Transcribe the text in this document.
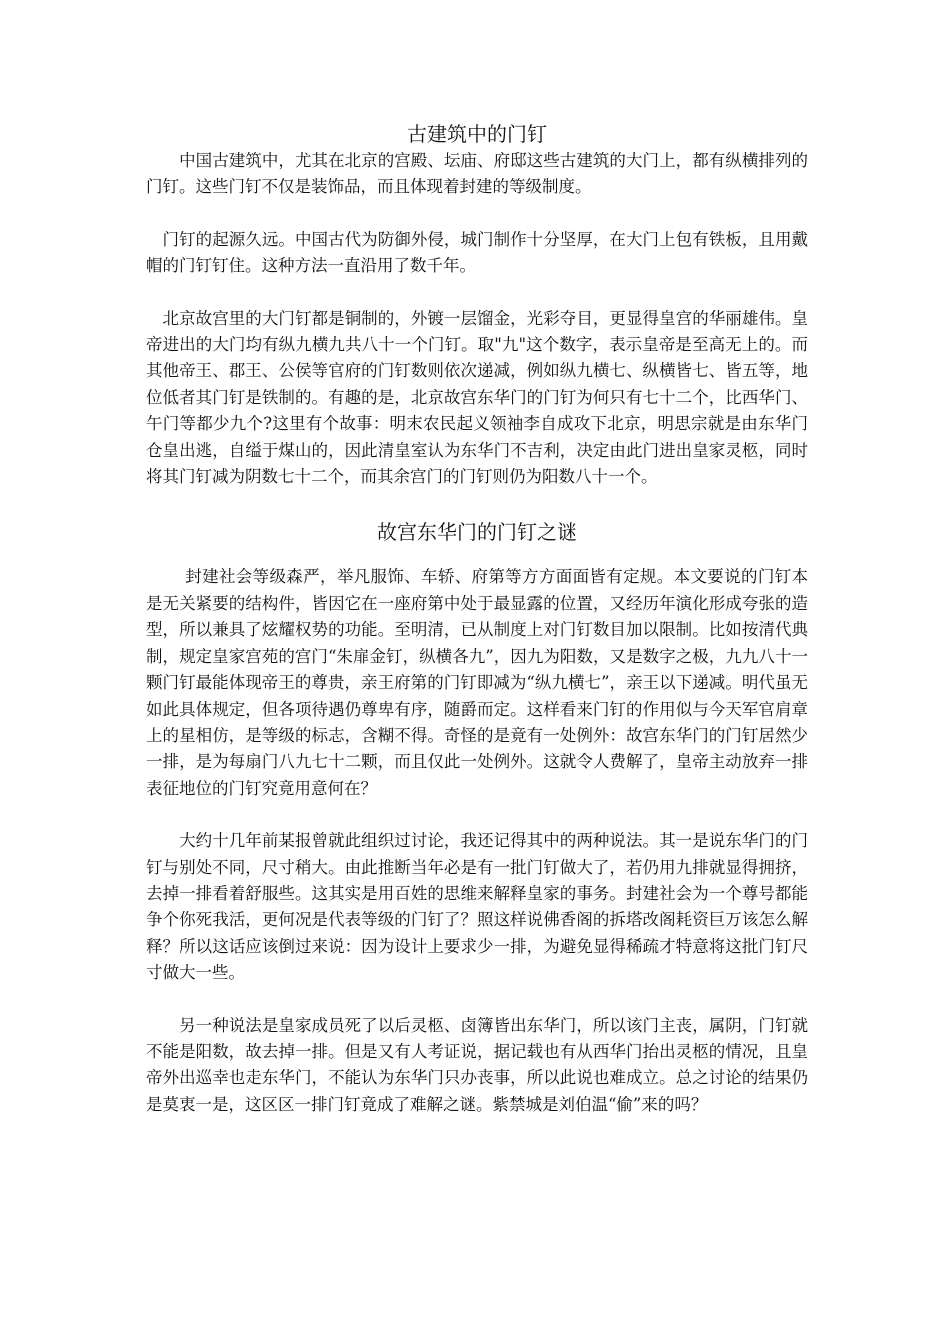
古建筑中的门钉

　　中国古建筑中，尤其在北京的宫殿、坛庙、府邸这些古建筑的大门上，都有纵横排列的门钉。这些门钉不仅是装饰品，而且体现着封建的等级制度。

　门钉的起源久远。中国古代为防御外侵，城门制作十分坚厚，在大门上包有铁板，且用戴帽的门钉钉住。这种方法一直沿用了数千年。

　北京故宫里的大门钉都是铜制的，外镀一层馏金，光彩夺目，更显得皇宫的华丽雄伟。皇帝进出的大门均有纵九横九共八十一个门钉。取"九"这个数字，表示皇帝是至高无上的。而其他帝王、郡王、公侯等官府的门钉数则依次递减，例如纵九横七、纵横皆七、皆五等，地位低者其门钉是铁制的。有趣的是，北京故宫东华门的门钉为何只有七十二个，比西华门、午门等都少九个?这里有个故事：明末农民起义领袖李自成攻下北京，明思宗就是由东华门仓皇出逃，自缢于煤山的，因此清皇室认为东华门不吉利，决定由此门进出皇家灵柩，同时将其门钉减为阴数七十二个，而其余宫门的门钉则仍为阳数八十一个。

故宫东华门的门钉之谜

　　 封建社会等级森严，举凡服饰、车轿、府第等方方面面皆有定规。本文要说的门钉本是无关紧要的结构件，皆因它在一座府第中处于最显露的位置，又经历年演化形成夸张的造型，所以兼具了炫耀权势的功能。至明清，已从制度上对门钉数目加以限制。比如按清代典制，规定皇家宫苑的宫门“朱扉金钉，纵横各九”，因九为阳数，又是数字之极，九九八十一颗门钉最能体现帝王的尊贵，亲王府第的门钉即减为“纵九横七”，亲王以下递减。明代虽无如此具体规定，但各项待遇仍尊卑有序，随爵而定。这样看来门钉的作用似与今天军官肩章上的星相仿，是等级的标志，含糊不得。奇怪的是竟有一处例外：故宫东华门的门钉居然少一排，是为每扇门八九七十二颗，而且仅此一处例外。这就令人费解了，皇帝主动放弃一排表征地位的门钉究竟用意何在？

　　大约十几年前某报曾就此组织过讨论，我还记得其中的两种说法。其一是说东华门的门钉与别处不同，尺寸稍大。由此推断当年必是有一批门钉做大了，若仍用九排就显得拥挤，去掉一排看着舒服些。这其实是用百姓的思维来解释皇家的事务。封建社会为一个尊号都能争个你死我活，更何况是代表等级的门钉了？照这样说佛香阁的拆塔改阁耗资巨万该怎么解释？所以这话应该倒过来说：因为设计上要求少一排，为避免显得稀疏才特意将这批门钉尺寸做大一些。

　　另一种说法是皇家成员死了以后灵柩、卤簿皆出东华门，所以该门主丧，属阴，门钉就不能是阳数，故去掉一排。但是又有人考证说，据记载也有从西华门抬出灵柩的情况，且皇帝外出巡幸也走东华门，不能认为东华门只办丧事，所以此说也难成立。总之讨论的结果仍是莫衷一是，这区区一排门钉竟成了难解之谜。紫禁城是刘伯温“偷”来的吗？
